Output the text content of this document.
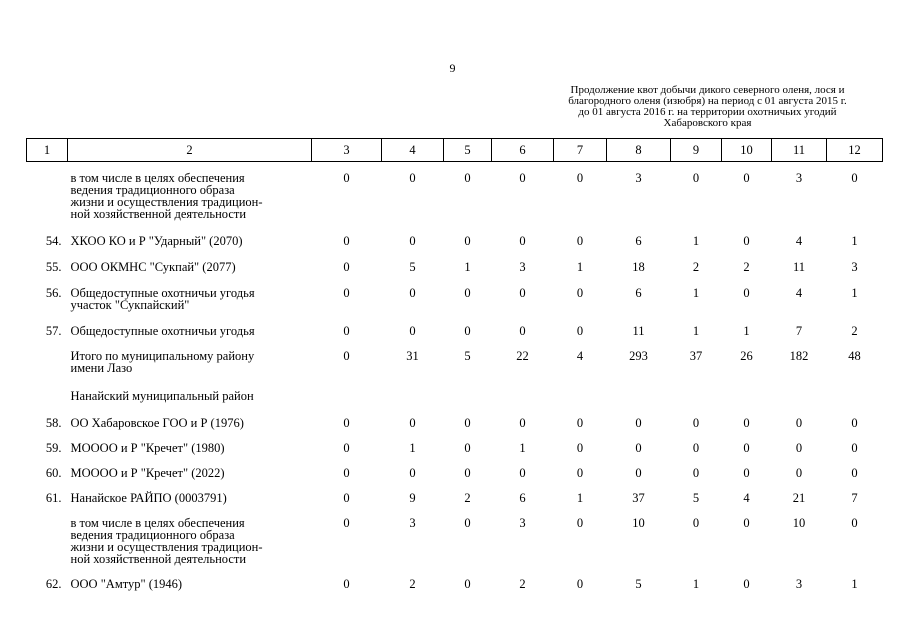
9
Продолжение квот добычи дикого северного оленя, лося и
благородного оленя (изюбря) на период с 01 августа 2015 г.
до 01 августа 2016 г. на территории охотничьих угодий
Хабаровского края
1	2	3	4	5	6	7	8	9	10	11	12
	в том числе в целях обеспечения
ведения традиционного образа
жизни и осуществления традицион-
ной хозяйственной деятельности	0	0	0	0	0	3	0	0	3	0
54.	ХКОО КО и Р "Ударный" (2070)	0	0	0	0	0	6	1	0	4	1
55.	ООО ОКМНС "Сукпай" (2077)	0	5	1	3	1	18	2	2	11	3
56.	Общедоступные охотничьи угодья
участок "Сукпайский"	0	0	0	0	0	6	1	0	4	1
57.	Общедоступные охотничьи угодья	0	0	0	0	0	11	1	1	7	2
	Итого по муниципальному району
имени Лазо	0	31	5	22	4	293	37	26	182	48
	Нанайский муниципальный район										
58.	ОО Хабаровское ГОО и Р (1976)	0	0	0	0	0	0	0	0	0	0
59.	МОООО и Р "Кречет" (1980)	0	1	0	1	0	0	0	0	0	0
60.	МОООО и Р "Кречет" (2022)	0	0	0	0	0	0	0	0	0	0
61.	Нанайское РАЙПО (0003791)	0	9	2	6	1	37	5	4	21	7
	в том числе в целях обеспечения
ведения традиционного образа
жизни и осуществления традицион-
ной хозяйственной деятельности	0	3	0	3	0	10	0	0	10	0
62.	ООО "Амтур" (1946)	0	2	0	2	0	5	1	0	3	1
